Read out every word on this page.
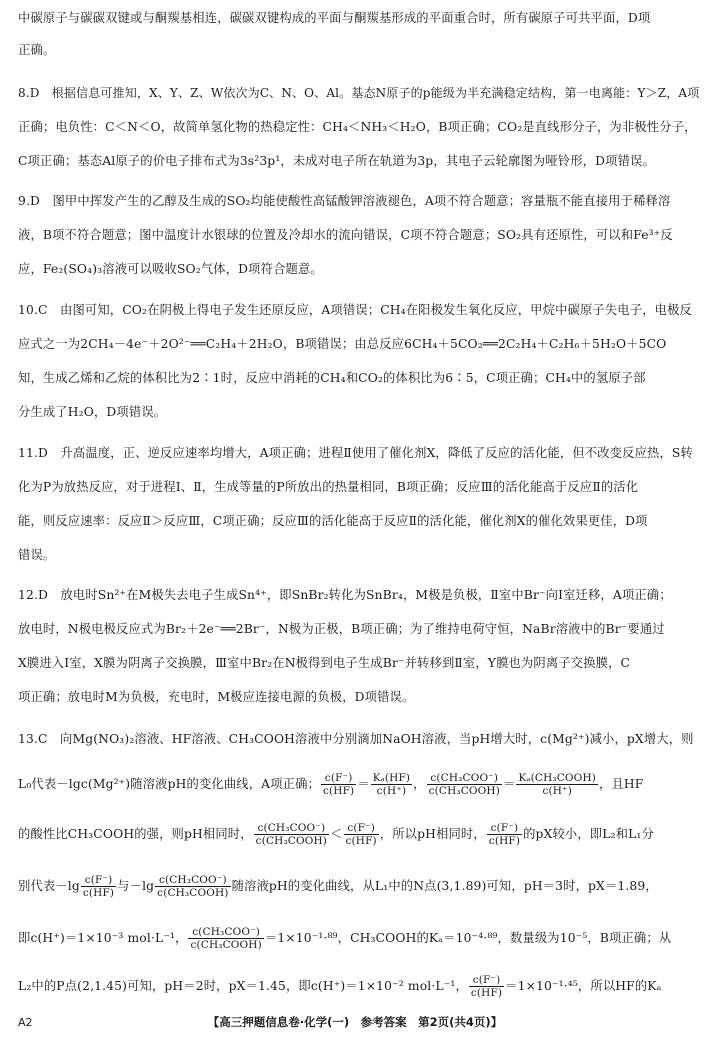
中碳原子与碳碳双键或与酮羰基相连，碳碳双键构成的平面与酮羰基形成的平面重合时，所有碳原子可共平面，D项
正确。
8.D　根据信息可推知，X、Y、Z、W依次为C、N、O、Al。基态N原子的p能级为半充满稳定结构，第一电离能：Y＞Z，A项
正确；电负性：C＜N＜O，故简单氢化物的热稳定性：CH₄＜NH₃＜H₂O，B项正确；CO₂是直线形分子，为非极性分子，
C项正确；基态Al原子的价电子排布式为3s²3p¹，未成对电子所在轨道为3p，其电子云轮廓图为哑铃形，D项错误。
9.D　图甲中挥发产生的乙醇及生成的SO₂均能使酸性高锰酸钾溶液褪色，A项不符合题意；容量瓶不能直接用于稀释溶
液，B项不符合题意；图中温度计水银球的位置及冷却水的流向错误，C项不符合题意；SO₂具有还原性，可以和Fe³⁺反
应，Fe₂(SO₄)₃溶液可以吸收SO₂气体，D项符合题意。
10.C　由图可知，CO₂在阴极上得电子发生还原反应，A项错误；CH₄在阳极发生氧化反应，甲烷中碳原子失电子，电极反
应式之一为2CH₄－4e⁻＋2O²⁻══C₂H₄＋2H₂O，B项错误；由总反应6CH₄＋5CO₂══2C₂H₄＋C₂H₆＋5H₂O＋5CO
知，生成乙烯和乙烷的体积比为2∶1时，反应中消耗的CH₄和CO₂的体积比为6∶5，C项正确；CH₄中的氢原子部
分生成了H₂O，D项错误。
11.D　升高温度，正、逆反应速率均增大，A项正确；进程Ⅱ使用了催化剂X，降低了反应的活化能，但不改变反应热，S转
化为P为放热反应，对于进程Ⅰ、Ⅱ，生成等量的P所放出的热量相同，B项正确；反应Ⅲ的活化能高于反应Ⅱ的活化
能，则反应速率：反应Ⅱ＞反应Ⅲ，C项正确；反应Ⅲ的活化能高于反应Ⅱ的活化能，催化剂X的催化效果更佳，D项
错误。
12.D　放电时Sn²⁺在M极失去电子生成Sn⁴⁺，即SnBr₂转化为SnBr₄，M极是负极，Ⅱ室中Br⁻向Ⅰ室迁移，A项正确；
放电时，N极电极反应式为Br₂＋2e⁻══2Br⁻，N极为正极，B项正确；为了维持电荷守恒，NaBr溶液中的Br⁻要通过
X膜进入Ⅰ室，X膜为阴离子交换膜，Ⅲ室中Br₂在N极得到电子生成Br⁻并转移到Ⅱ室，Y膜也为阴离子交换膜，C
项正确；放电时M为负极，充电时，M极应连接电源的负极，D项错误。
13.C　向Mg(NO₃)₂溶液、HF溶液、CH₃COOH溶液中分别滴加NaOH溶液，当pH增大时，c(Mg²⁺)减小，pX增大，则
L₀代表－lgc(Mg²⁺)随溶液pH的变化曲线，A项正确； $\frac{c(F^-)}{c(HF)} = \frac{\text{Kₐ(HF)}}{c(H^+)}$ ， $\frac{\text{c(CH₃COO⁻)}}{\text{c(CH₃COOH)}} = \frac{\text{Kₐ(CH₃COOH)}}{c(H^+)}$ ，且HF
的酸性比CH₃COOH的强，则pH相同时， $\frac{\text{c(CH₃COO⁻)}}{\text{c(CH₃COOH)}} < \frac{c(F^-)}{c(HF)}$ ，所以pH相同时， $\frac{c(F^-)}{c(HF)}$ 的pX较小，即L₂和L₁分
别代表$-\lg \frac{c(F^-)}{c(HF)}$ 与$-\lg \frac{\text{c(CH₃COO⁻)}}{\text{c(CH₃COOH)}}$ 随溶液pH的变化曲线，从L₁中的N点(3,1.89)可知，pH＝3时，pX＝1.89，
即c(H⁺)＝1×10⁻³ mol·L⁻¹， $\frac{\text{c(CH₃COO⁻)}}{\text{c(CH₃COOH)}} =1\times 10^{-1}\cdot^{89}$，CH₃COOH的Kₐ＝10⁻⁴·⁸⁹，数量级为10⁻⁵，B项正确；从
L₂中的P点(2,1.45)可知，pH＝2时，pX＝1.45，即c(H⁺)＝1×10⁻² mol·L⁻¹， $\frac{c(F^-)}{c(HF)} =1\times 10^{-1}\cdot^{45}$，所以HF的Kₐ
A2	【高三押题信息卷·化学(一)　参考答案　第2页(共4页)】
